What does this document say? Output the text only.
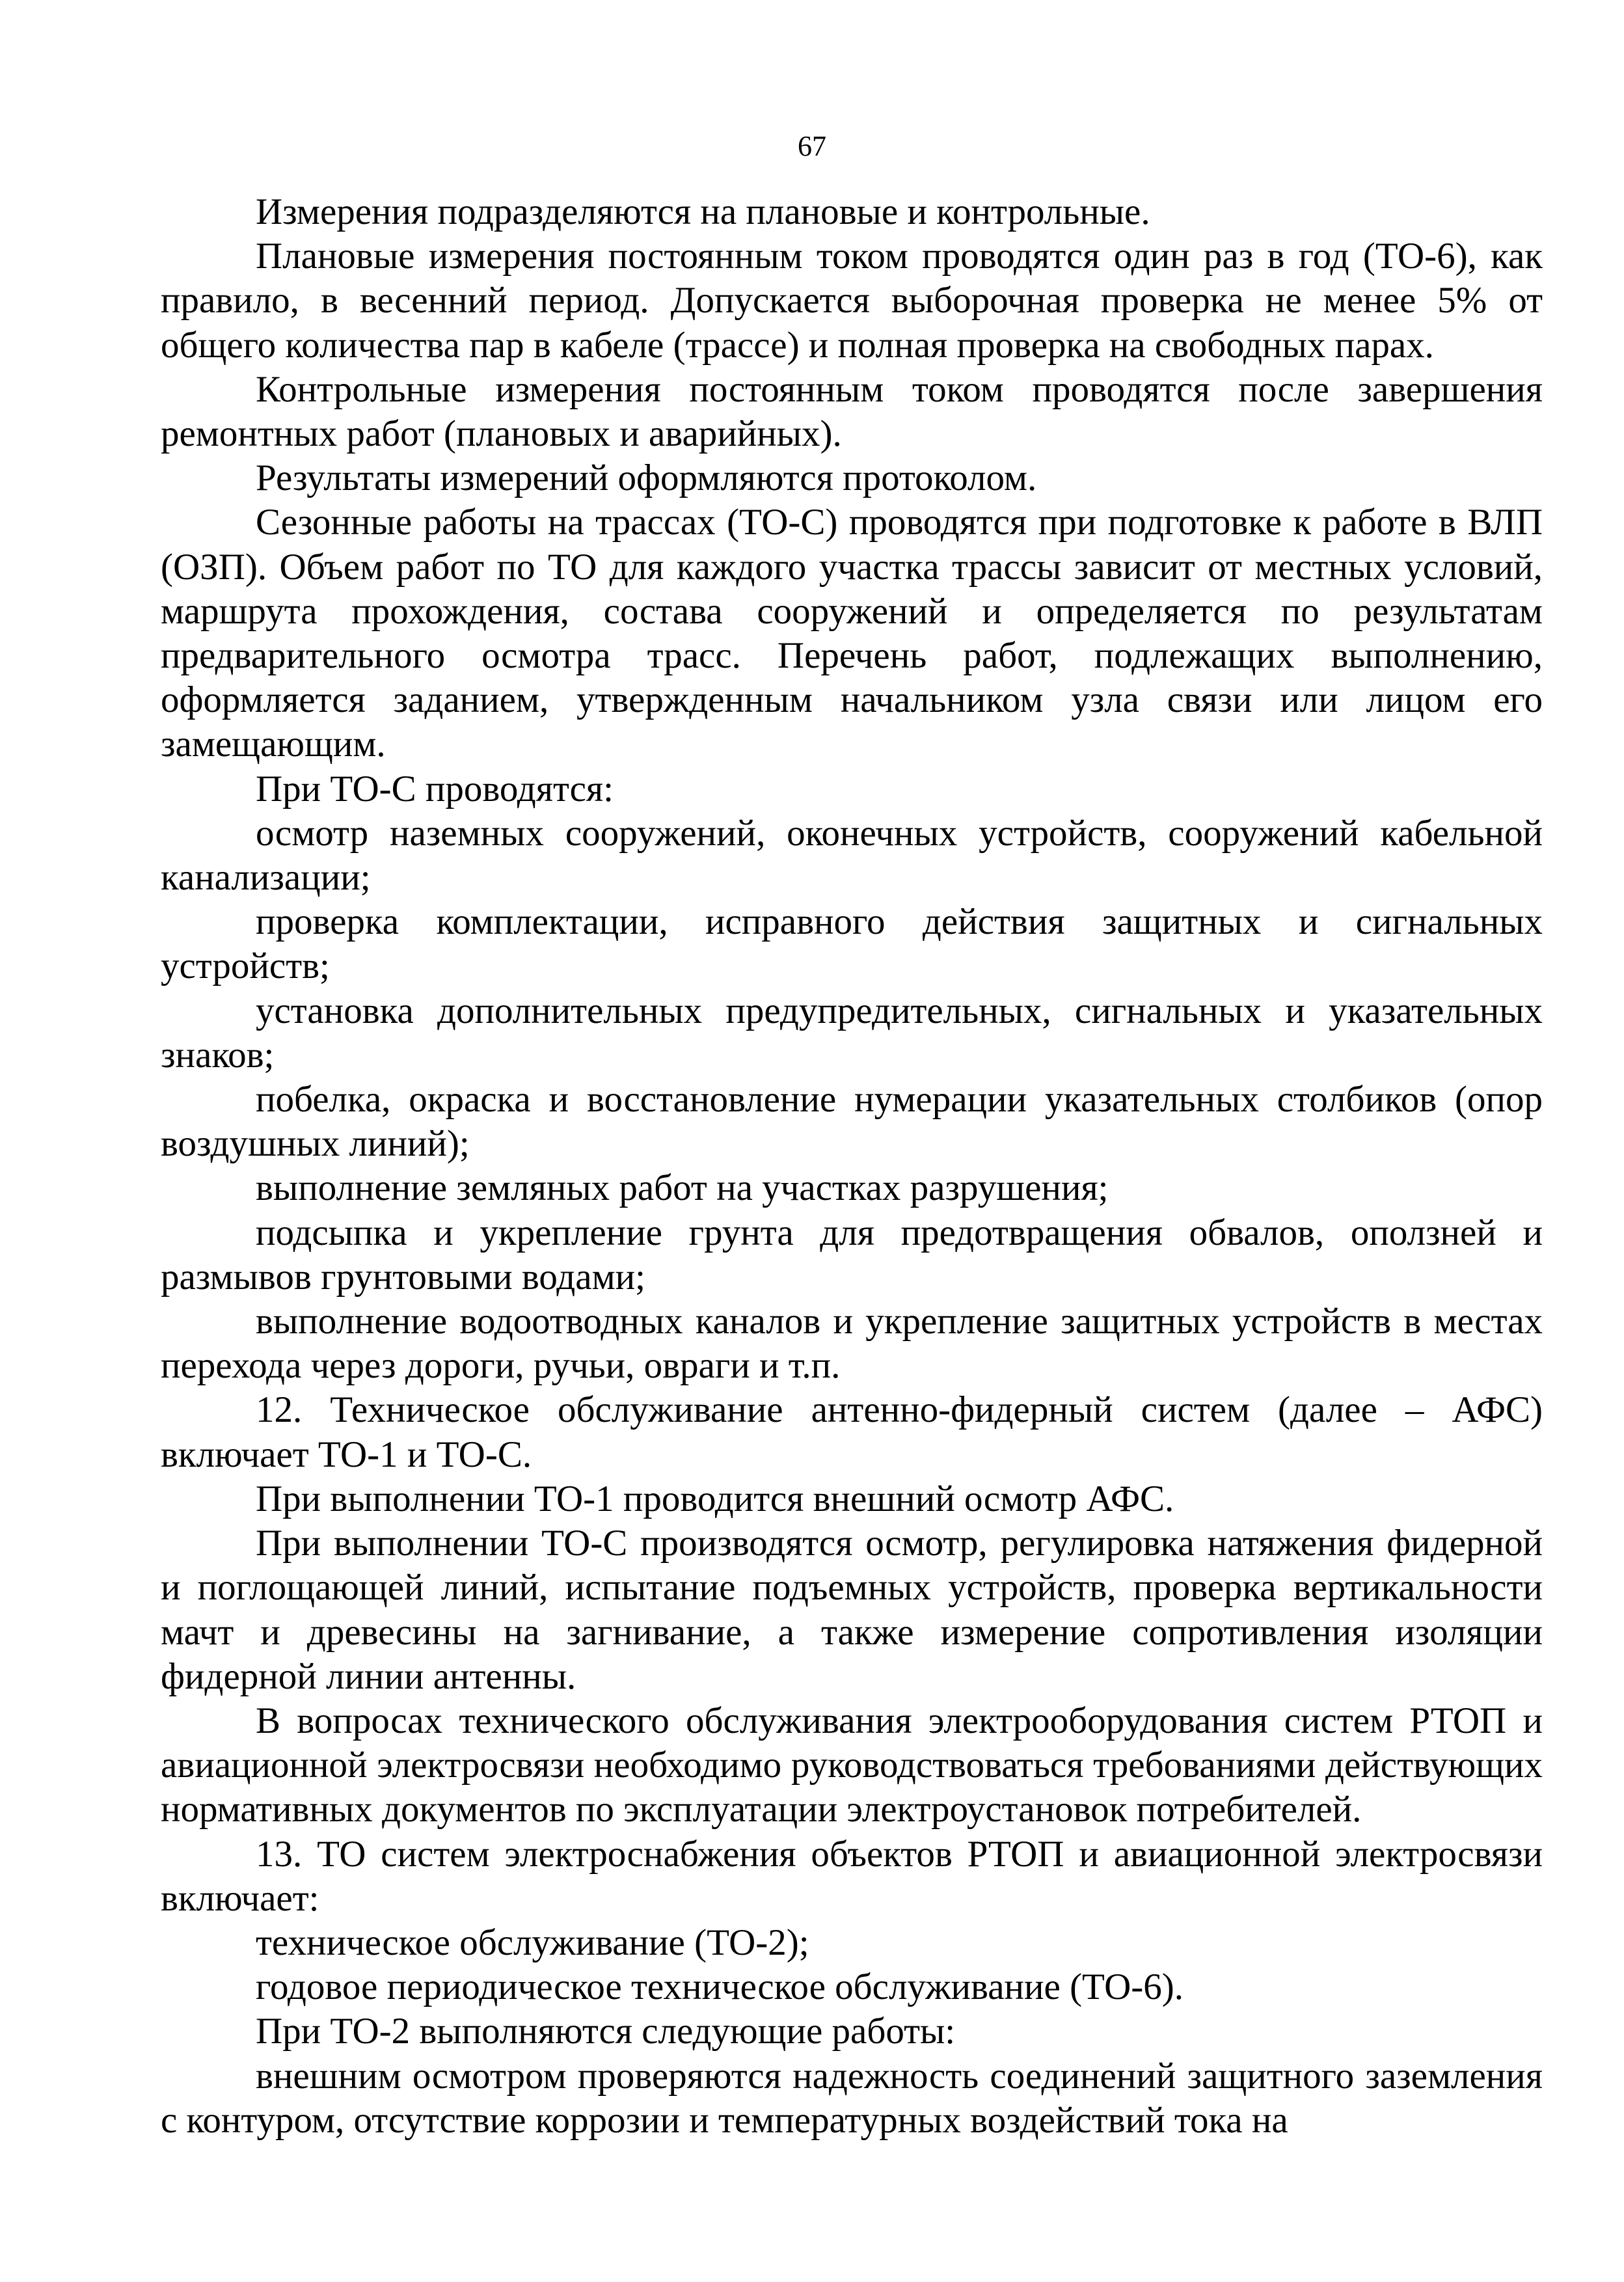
67

Измерения подразделяются на плановые и контрольные.

Плановые измерения постоянным током проводятся один раз в год (ТО-6), как правило, в весенний период. Допускается выборочная проверка не менее 5% от общего количества пар в кабеле (трассе) и полная проверка на свободных парах.

Контрольные измерения постоянным током проводятся после завершения ремонтных работ (плановых и аварийных).

Результаты измерений оформляются протоколом.

Сезонные работы на трассах (ТО-С) проводятся при подготовке к работе в ВЛП (ОЗП). Объем работ по ТО для каждого участка трассы зависит от местных условий, маршрута прохождения, состава сооружений и определяется по результатам предварительного осмотра трасс. Перечень работ, подлежащих выполнению, оформляется заданием, утвержденным начальником узла связи или лицом его замещающим.

При ТО-С проводятся:

осмотр наземных сооружений, оконечных устройств, сооружений кабельной канализации;

проверка комплектации, исправного действия защитных и сигнальных устройств;

установка дополнительных предупредительных, сигнальных и указательных знаков;

побелка, окраска и восстановление нумерации указательных столбиков (опор воздушных линий);

выполнение земляных работ на участках разрушения;

подсыпка и укрепление грунта для предотвращения обвалов, оползней и размывов грунтовыми водами;

выполнение водоотводных каналов и укрепление защитных устройств в местах перехода через дороги, ручьи, овраги и т.п.

12. Техническое обслуживание антенно-фидерный систем (далее – АФС) включает ТО-1 и ТО-С.

При выполнении ТО-1 проводится внешний осмотр АФС.

При выполнении ТО-С производятся осмотр, регулировка натяжения фидерной и поглощающей линий, испытание подъемных устройств, проверка вертикальности мачт и древесины на загнивание, а также измерение сопротивления изоляции фидерной линии антенны.

В вопросах технического обслуживания электрооборудования систем РТОП и авиационной электросвязи необходимо руководствоваться требованиями действующих нормативных документов по эксплуатации электроустановок потребителей.

13. ТО систем электроснабжения объектов РТОП и авиационной электросвязи включает:

техническое обслуживание (ТО-2);

годовое периодическое техническое обслуживание (ТО-6).

При ТО-2 выполняются следующие работы:

внешним осмотром проверяются надежность соединений защитного заземления с контуром, отсутствие коррозии и температурных воздействий тока на
